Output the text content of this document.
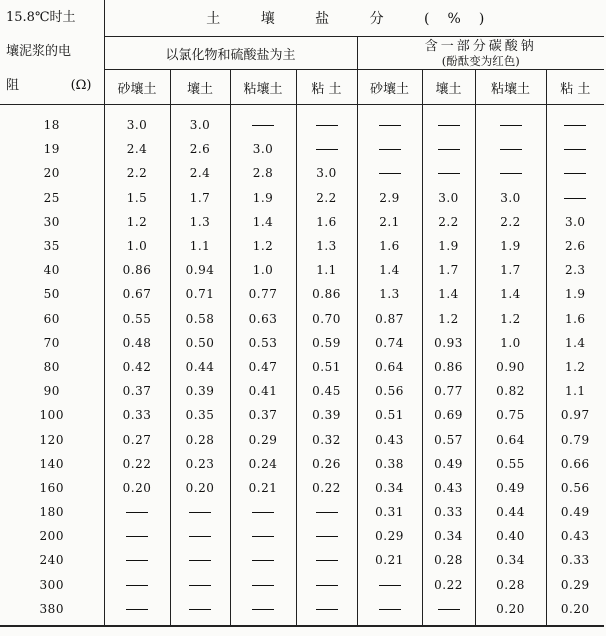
15.8℃时土
壤泥浆的电
阻 (Ω)	土 壤 盐 分 (%)							
	以氯化物和硫酸盐为主				含一部分碳酸钠
(酚酞变为红色)			

	砂壤土	壤土	粘壤土	粘 土	砂壤土	壤土	粘壤土	粘 土
18	3.0	3.0						
19	2.4	2.6	3.0					
20	2.2	2.4	2.8	3.0				
25	1.5	1.7	1.9	2.2	2.9	3.0	3.0	
30	1.2	1.3	1.4	1.6	2.1	2.2	2.2	3.0
35	1.0	1.1	1.2	1.3	1.6	1.9	1.9	2.6
40	0.86	0.94	1.0	1.1	1.4	1.7	1.7	2.3
50	0.67	0.71	0.77	0.86	1.3	1.4	1.4	1.9
60	0.55	0.58	0.63	0.70	0.87	1.2	1.2	1.6
70	0.48	0.50	0.53	0.59	0.74	0.93	1.0	1.4
80	0.42	0.44	0.47	0.51	0.64	0.86	0.90	1.2
90	0.37	0.39	0.41	0.45	0.56	0.77	0.82	1.1
100	0.33	0.35	0.37	0.39	0.51	0.69	0.75	0.97
120	0.27	0.28	0.29	0.32	0.43	0.57	0.64	0.79
140	0.22	0.23	0.24	0.26	0.38	0.49	0.55	0.66
160	0.20	0.20	0.21	0.22	0.34	0.43	0.49	0.56
180					0.31	0.33	0.44	0.49
200					0.29	0.34	0.40	0.43
240					0.21	0.28	0.34	0.33
300						0.22	0.28	0.29
380							0.20	0.20
